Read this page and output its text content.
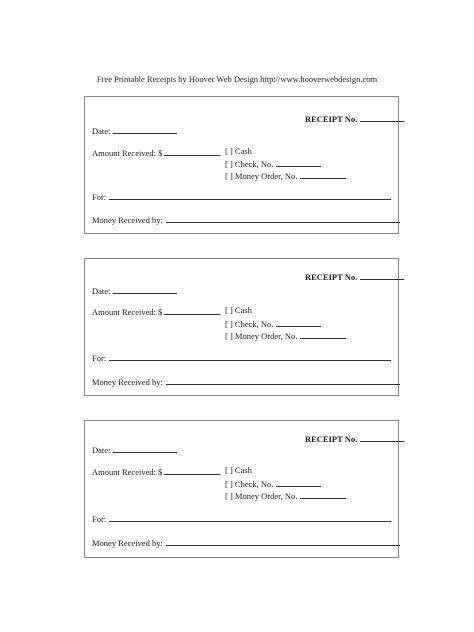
Free Printable Receipts by Hoover Web Design http://www.hooverwebdesign.com
RECEIPT No.
Date:
Amount Received: $	[ ] Cash
[ ] Check, No.
[ ] Money Order, No.
For:
Money Received by:
RECEIPT No.
Date:
Amount Received: $	[ ] Cash
[ ] Check, No.
[ ] Money Order, No.
For:
Money Received by:
RECEIPT No.
Date:
Amount Received: $	[ ] Cash
[ ] Check, No.
[ ] Money Order, No.
For:
Money Received by:
